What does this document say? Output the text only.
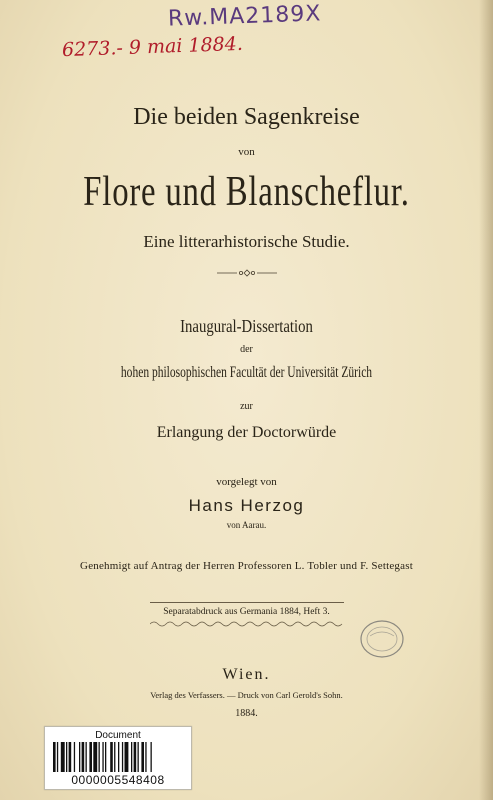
Rw.MA2189X
6273.- 9 mai 1884.
Die beiden Sagenkreise
von
Flore und Blanscheflur.
Eine litterarhistorische Studie.
Inaugural-Dissertation
der
hohen philosophischen Facultät der Universität Zürich
zur
Erlangung der Doctorwürde
vorgelegt von
Hans Herzog
von Aarau.
Genehmigt auf Antrag der Herren Professoren L. Tobler und F. Settegast
Separatabdruck aus Germania 1884, Heft 3.
Wien.
Verlag des Verfassers. — Druck von Carl Gerold's Sohn.
1884.
Document
0000005548408
